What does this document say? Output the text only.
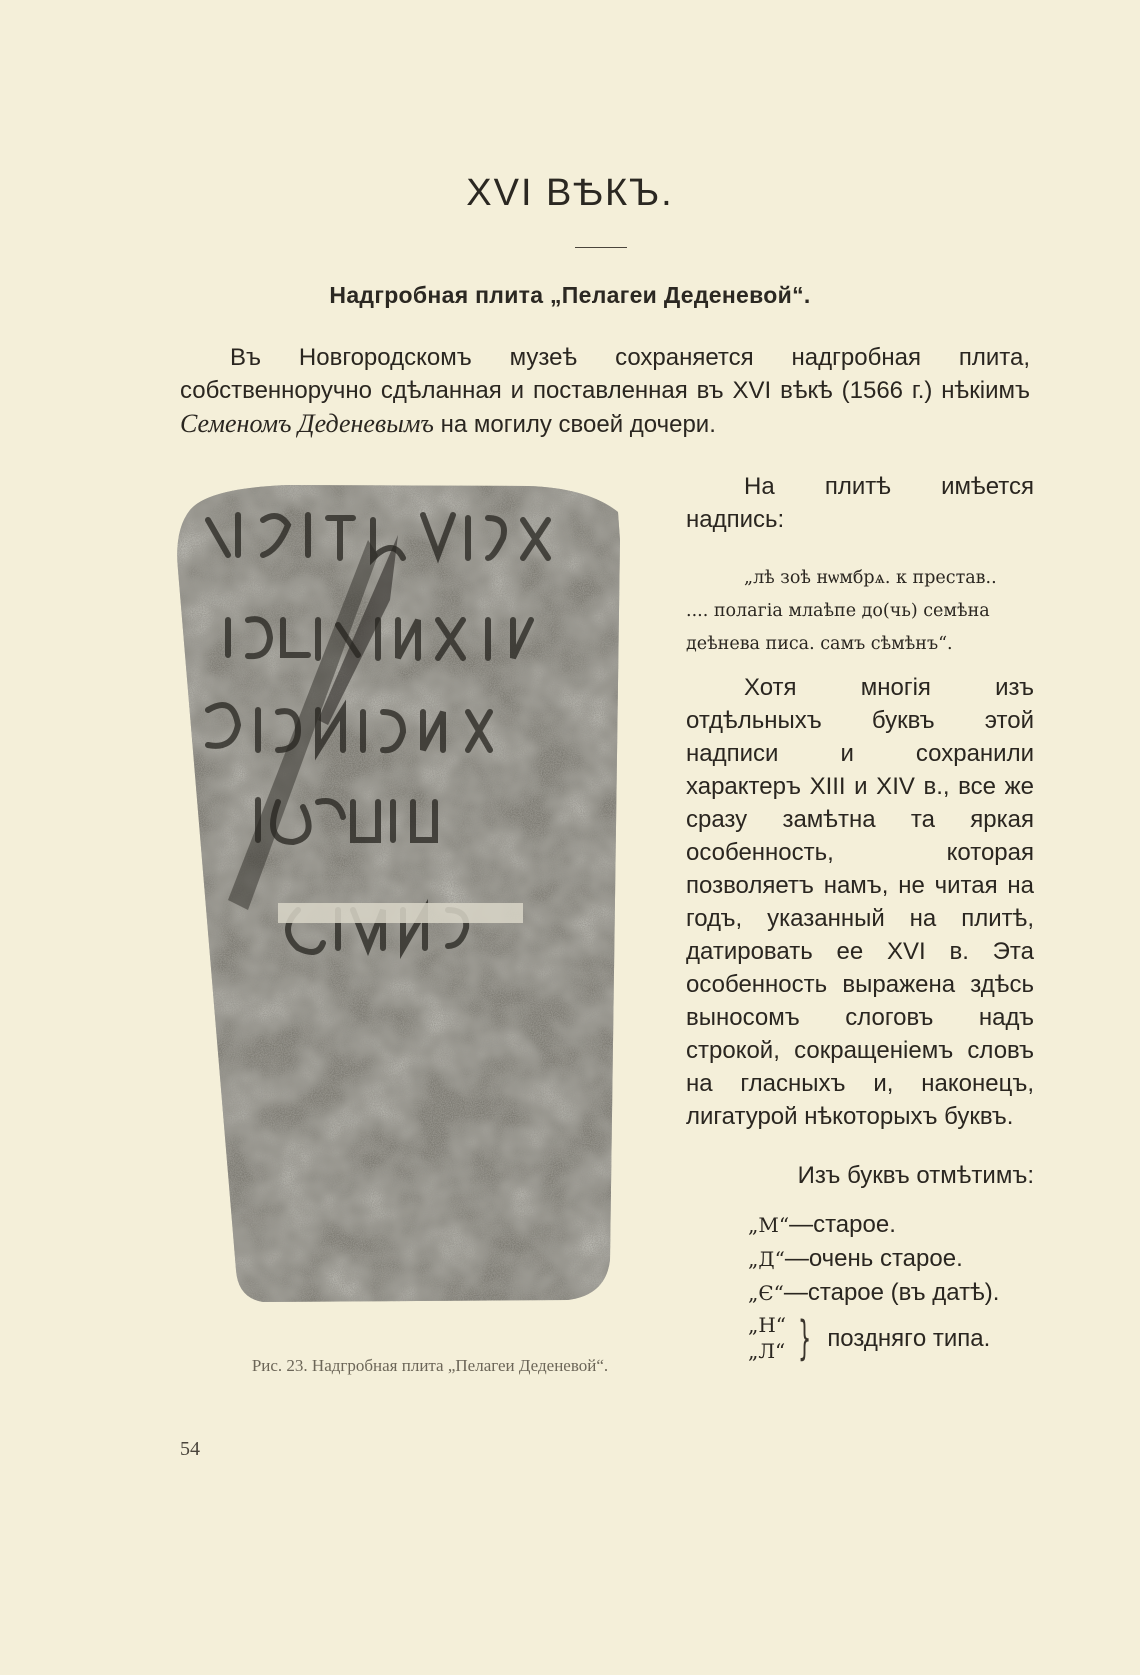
XVI ВѢКЪ.
Надгробная плита „Пелагеи Деденевой“.
Въ Новгородскомъ музеѣ сохраняется надгробная плита, собственноручно сдѣланная и поставленная въ XVI вѣкѣ (1566 г.) нѣкіимъ Семеномъ Деденевымъ на могилу своей дочери.
Рис. 23. Надгробная плита „Пелагеи Деденевой“.

На плитѣ имѣется надпись:

„лѣ зоѣ нѡмбрѧ. к престав..
.... полагіа млаѣпе до(чь) семѣна
деѣнева писа. самъ сѣмѣнъ“.

Хотя многія изъ отдѣльныхъ буквъ этой надписи и сохранили характеръ XIII и XIV в., все же сразу замѣтна та яркая особенность, которая позволяетъ намъ, не читая на годъ, указанный на плитѣ, датировать ее XVI в. Эта особенность выражена здѣсь выносомъ слоговъ надъ строкой, сокращеніемъ словъ на гласныхъ и, наконецъ, лигатурой нѣкоторыхъ буквъ.

Изъ буквъ отмѣтимъ:

„М“—старое.
„Д“—очень старое.
„Є“—старое (въ датѣ).
„Н“
„Л“ } позднягo типа.
54
